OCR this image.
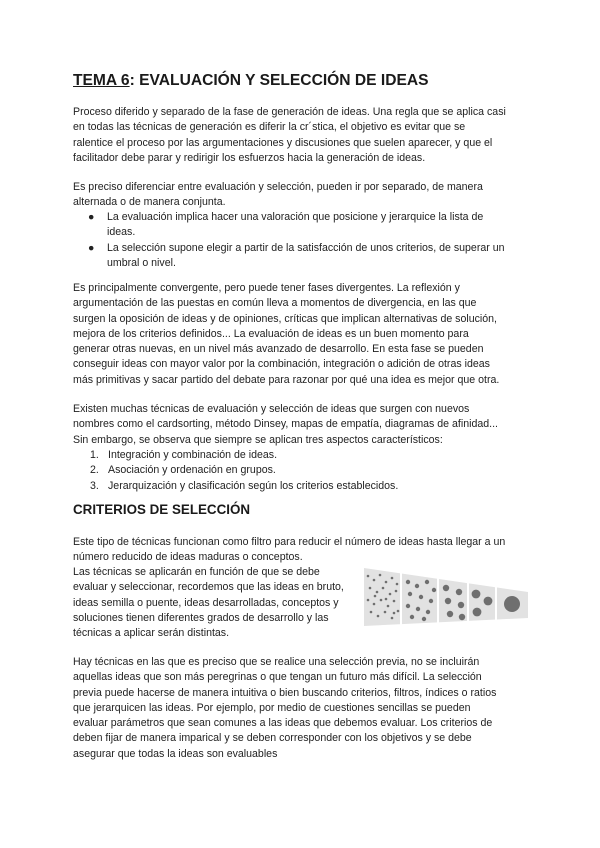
TEMA 6: EVALUACIÓN Y SELECCIÓN DE IDEAS

Proceso diferido y separado de la fase de generación de ideas. Una regla que se aplica casi
en todas las técnicas de generación es diferir la cr´stica, el objetivo es evitar que se
ralentice el proceso por las argumentaciones y discusiones que suelen aparecer, y que el
facilitador debe parar y redirigir los esfuerzos hacia la generación de ideas.

Es preciso diferenciar entre evaluación y selección, pueden ir por separado, de manera
alternada o de manera conjunta.

● La evaluación implica hacer una valoración que posicione y jerarquice la lista de
ideas.
● La selección supone elegir a partir de la satisfacción de unos criterios, de superar un
umbral o nivel.

Es principalmente convergente, pero puede tener fases divergentes. La reflexión y
argumentación de las puestas en común lleva a momentos de divergencia, en las que
surgen la oposición de ideas y de opiniones, críticas que implican alternativas de solución,
mejora de los criterios definidos... La evaluación de ideas es un buen momento para
generar otras nuevas, en un nivel más avanzado de desarrollo. En esta fase se pueden
conseguir ideas con mayor valor por la combinación, integración o adición de otras ideas
más primitivas y sacar partido del debate para razonar por qué una idea es mejor que otra.

Existen muchas técnicas de evaluación y selección de ideas que surgen con nuevos
nombres como el cardsorting, método Dinsey, mapas de empatía, diagramas de afinidad...
Sin embargo, se observa que siempre se aplican tres aspectos característicos:

1. Integración y combinación de ideas.
2. Asociación y ordenación en grupos.
3. Jerarquización y clasificación según los criterios establecidos.
CRITERIOS DE SELECCIÓN

Este tipo de técnicas funcionan como filtro para reducir el número de ideas hasta llegar a un
número reducido de ideas maduras o conceptos.

Las técnicas se aplicarán en función de que se debe
evaluar y seleccionar, recordemos que las ideas en bruto,
ideas semilla o puente, ideas desarrolladas, conceptos y
soluciones tienen diferentes grados de desarrollo y las
técnicas a aplicar serán distintas.

Hay técnicas en las que es preciso que se realice una selección previa, no se incluirán
aquellas ideas que son más peregrinas o que tengan un futuro más difícil. La selección
previa puede hacerse de manera intuitiva o bien buscando criterios, filtros, índices o ratios
que jerarquicen las ideas. Por ejemplo, por medio de cuestiones sencillas se pueden
evaluar parámetros que sean comunes a las ideas que debemos evaluar. Los criterios de
deben fijar de manera imparical y se deben corresponder con los objetivos y se debe
asegurar que todas la ideas son evaluables
